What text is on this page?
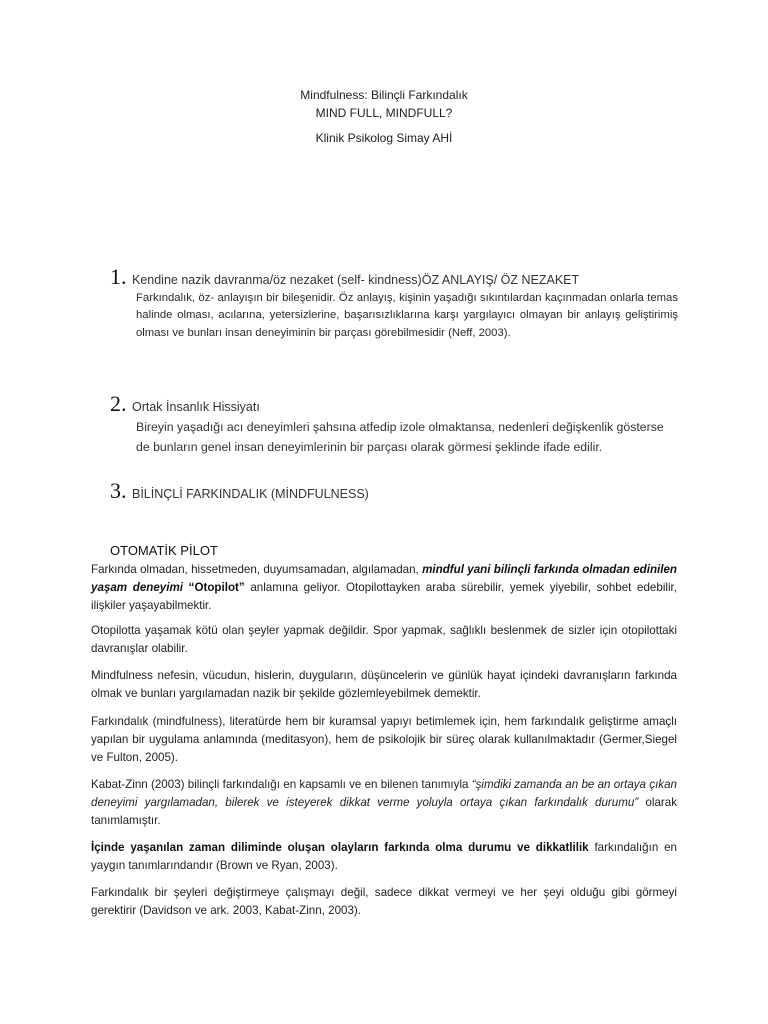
Mindfulness: Bilinçli Farkındalık
MIND FULL, MINDFULL?
Klinik Psikolog Simay AHİ
1. Kendine nazik davranma/öz nezaket (self- kindness)ÖZ ANLAYIŞ/ ÖZ NEZAKET
Farkındalık, öz- anlayışın bir bileşenidir. Öz anlayış, kişinin yaşadığı sıkıntılardan kaçınmadan onlarla temas halinde olması, acılarına, yetersizlerine, başarısızlıklarına karşı yargılayıcı olmayan bir anlayış geliştirimiş olması ve bunları insan deneyiminin bir parçası görebilmesidir (Neff, 2003).
2. Ortak İnsanlık Hissiyatı
Bireyin yaşadığı acı deneyimleri şahsına atfedip izole olmaktansa, nedenleri değişkenlik gösterse de bunların genel insan deneyimlerinin bir parçası olarak görmesi şeklinde ifade edilir.
3. BİLİNÇLİ FARKINDALIK (MİNDFULNESS)
OTOMATİK PİLOT
Farkında olmadan, hissetmeden, duyumsamadan, algılamadan, mindful yani bilinçli farkında olmadan edinilen yaşam deneyimi “Otopilot” anlamına geliyor. Otopilottayken araba sürebilir, yemek yiyebilir, sohbet edebilir, ilişkiler yaşayabilmektir.
Otopilotta yaşamak kötü olan şeyler yapmak değildir. Spor yapmak, sağlıklı beslenmek de sizler için otopilottaki davranışlar olabilir.
Mindfulness nefesin, vücudun, hislerin, duyguların, düşüncelerin ve günlük hayat içindeki davranışların farkında olmak ve bunları yargılamadan nazik bir şekilde gözlemleyebilmek demektir.
Farkındalık (mindfulness), literatürde hem bir kuramsal yapıyı betimlemek için, hem farkındalık geliştirme amaçlı yapılan bir uygulama anlamında (meditasyon), hem de psikolojik bir süreç olarak kullanılmaktadır (Germer,Siegel ve Fulton, 2005).
Kabat-Zinn (2003) bilinçli farkındalığı en kapsamlı ve en bilenen tanımıyla “şimdiki zamanda an be an ortaya çıkan deneyimi yargılamadan, bilerek ve isteyerek dikkat verme yoluyla ortaya çıkan farkındalık durumu” olarak tanımlamıştır.
İçinde yaşanılan zaman diliminde oluşan olayların farkında olma durumu ve dikkatlilik farkındalığın en yaygın tanımlarındandır (Brown ve Ryan, 2003).
Farkındalık bir şeyleri değiştirmeye çalışmayı değil, sadece dikkat vermeyi ve her şeyi olduğu gibi görmeyi gerektirir (Davidson ve ark. 2003, Kabat-Zinn, 2003).
